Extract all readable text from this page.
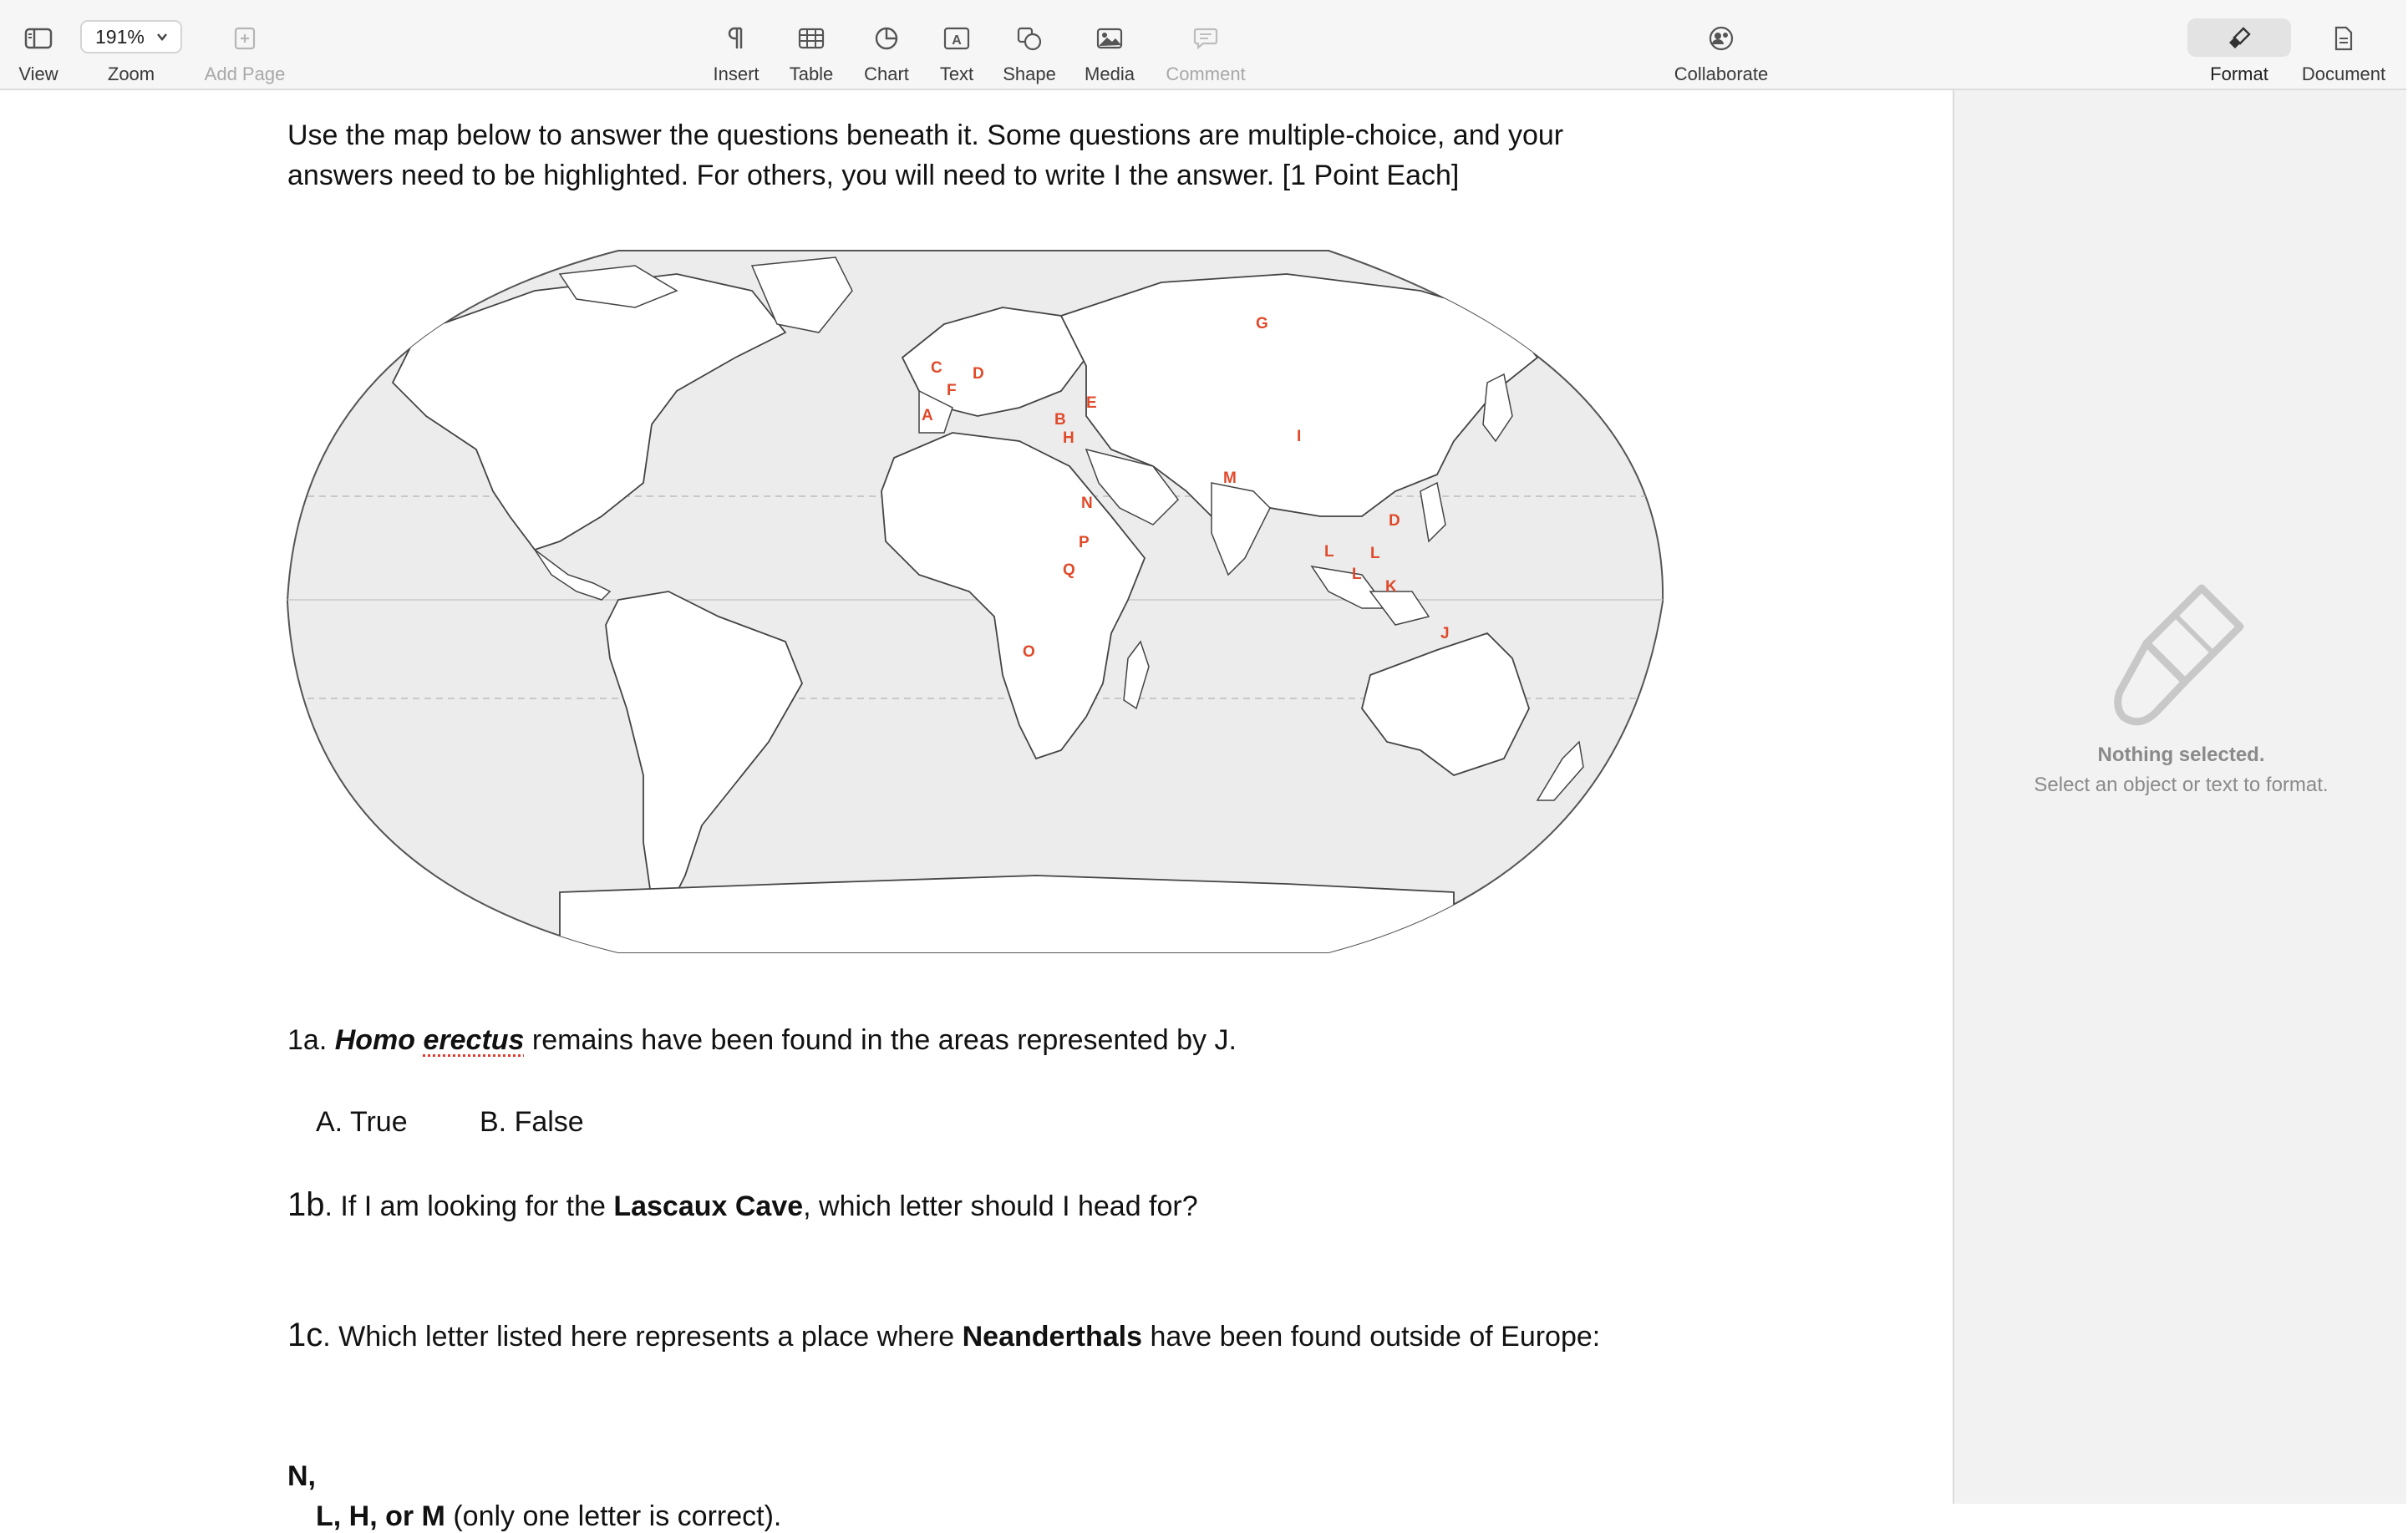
View
191%
Zoom	Add Page	Insert Table Chart
A
Text Shape Media Comment	Collaborate	Format Document
Use the map below to answer the questions beneath it. Some questions are multiple-choice, and your answers need to be highlighted. For others, you will need to write I the answer. [1 Point Each]
G
C D
F
A
E
B
H	I
M
D
N
P
L L
L
K
Q
J
O
1a. Homo erectus remains have been found in the areas represented by J.
A. True	B. False
1b. If I am looking for the Lascaux Cave, which letter should I head for?
1c. Which letter listed here represents a place where Neanderthals have been found outside of Europe:
N,
L, H, or M (only one letter is correct).
Nothing selected.
Select an object or text to format.
